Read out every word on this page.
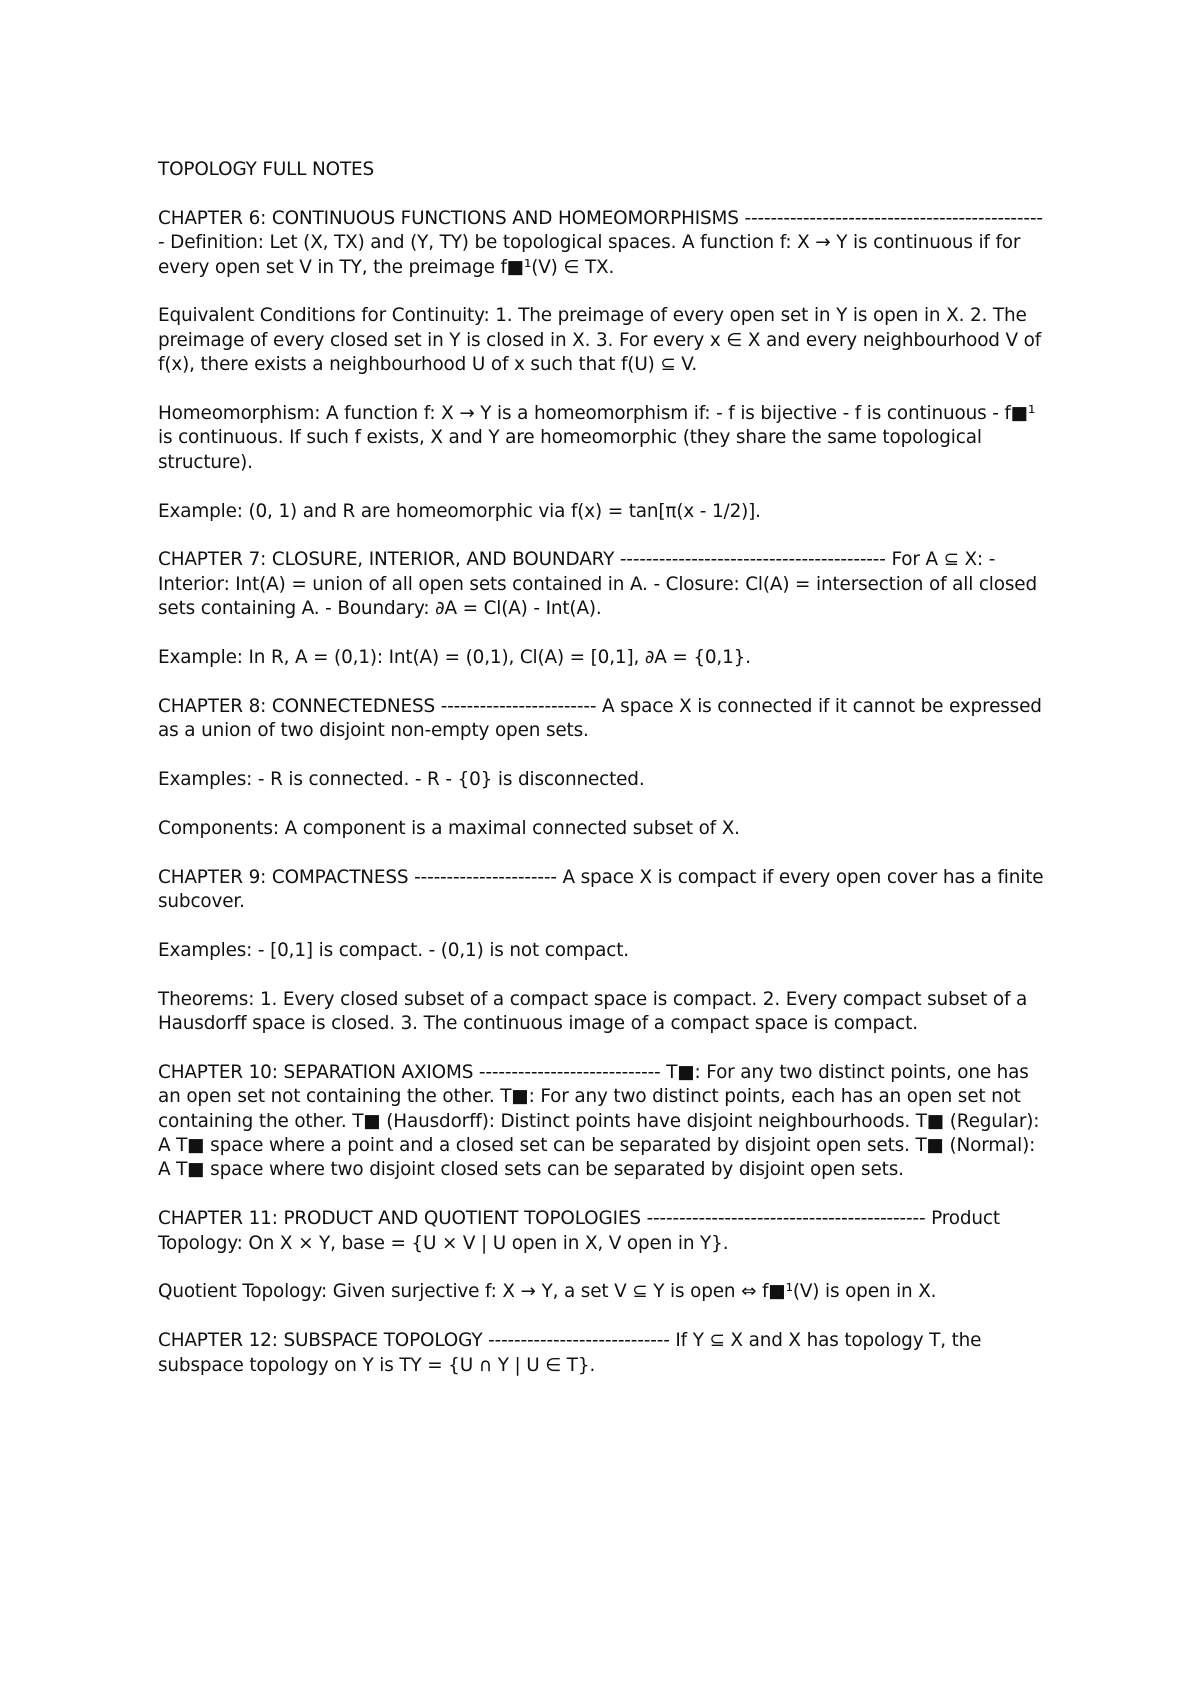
TOPOLOGY FULL NOTES

CHAPTER 6: CONTINUOUS FUNCTIONS AND HOMEOMORPHISMS ----------------------------------------------- Definition: Let (X, TX) and (Y, TY) be topological spaces. A function f: X → Y is continuous if for every open set V in TY, the preimage f■¹(V) ∈ TX.

Equivalent Conditions for Continuity: 1. The preimage of every open set in Y is open in X. 2. The preimage of every closed set in Y is closed in X. 3. For every x ∈ X and every neighbourhood V of f(x), there exists a neighbourhood U of x such that f(U) ⊆ V.

Homeomorphism: A function f: X → Y is a homeomorphism if: - f is bijective - f is continuous - f■¹ is continuous. If such f exists, X and Y are homeomorphic (they share the same topological structure).

Example: (0, 1) and R are homeomorphic via f(x) = tan[π(x - 1/2)].

CHAPTER 7: CLOSURE, INTERIOR, AND BOUNDARY ----------------------------------------- For A ⊆ X: - Interior: Int(A) = union of all open sets contained in A. - Closure: Cl(A) = intersection of all closed sets containing A. - Boundary: ∂A = Cl(A) - Int(A).

Example: In R, A = (0,1): Int(A) = (0,1), Cl(A) = [0,1], ∂A = {0,1}.

CHAPTER 8: CONNECTEDNESS ------------------------ A space X is connected if it cannot be expressed as a union of two disjoint non-empty open sets.

Examples: - R is connected. - R - {0} is disconnected.

Components: A component is a maximal connected subset of X.

CHAPTER 9: COMPACTNESS ---------------------- A space X is compact if every open cover has a finite subcover.

Examples: - [0,1] is compact. - (0,1) is not compact.

Theorems: 1. Every closed subset of a compact space is compact. 2. Every compact subset of a Hausdorff space is closed. 3. The continuous image of a compact space is compact.

CHAPTER 10: SEPARATION AXIOMS ---------------------------- T■: For any two distinct points, one has an open set not containing the other. T■: For any two distinct points, each has an open set not containing the other. T■ (Hausdorff): Distinct points have disjoint neighbourhoods. T■ (Regular): A T■ space where a point and a closed set can be separated by disjoint open sets. T■ (Normal): A T■ space where two disjoint closed sets can be separated by disjoint open sets.

CHAPTER 11: PRODUCT AND QUOTIENT TOPOLOGIES ------------------------------------------- Product Topology: On X × Y, base = {U × V | U open in X, V open in Y}.

Quotient Topology: Given surjective f: X → Y, a set V ⊆ Y is open ⇔ f■¹(V) is open in X.

CHAPTER 12: SUBSPACE TOPOLOGY ---------------------------- If Y ⊆ X and X has topology T, the subspace topology on Y is TY = {U ∩ Y | U ∈ T}.
